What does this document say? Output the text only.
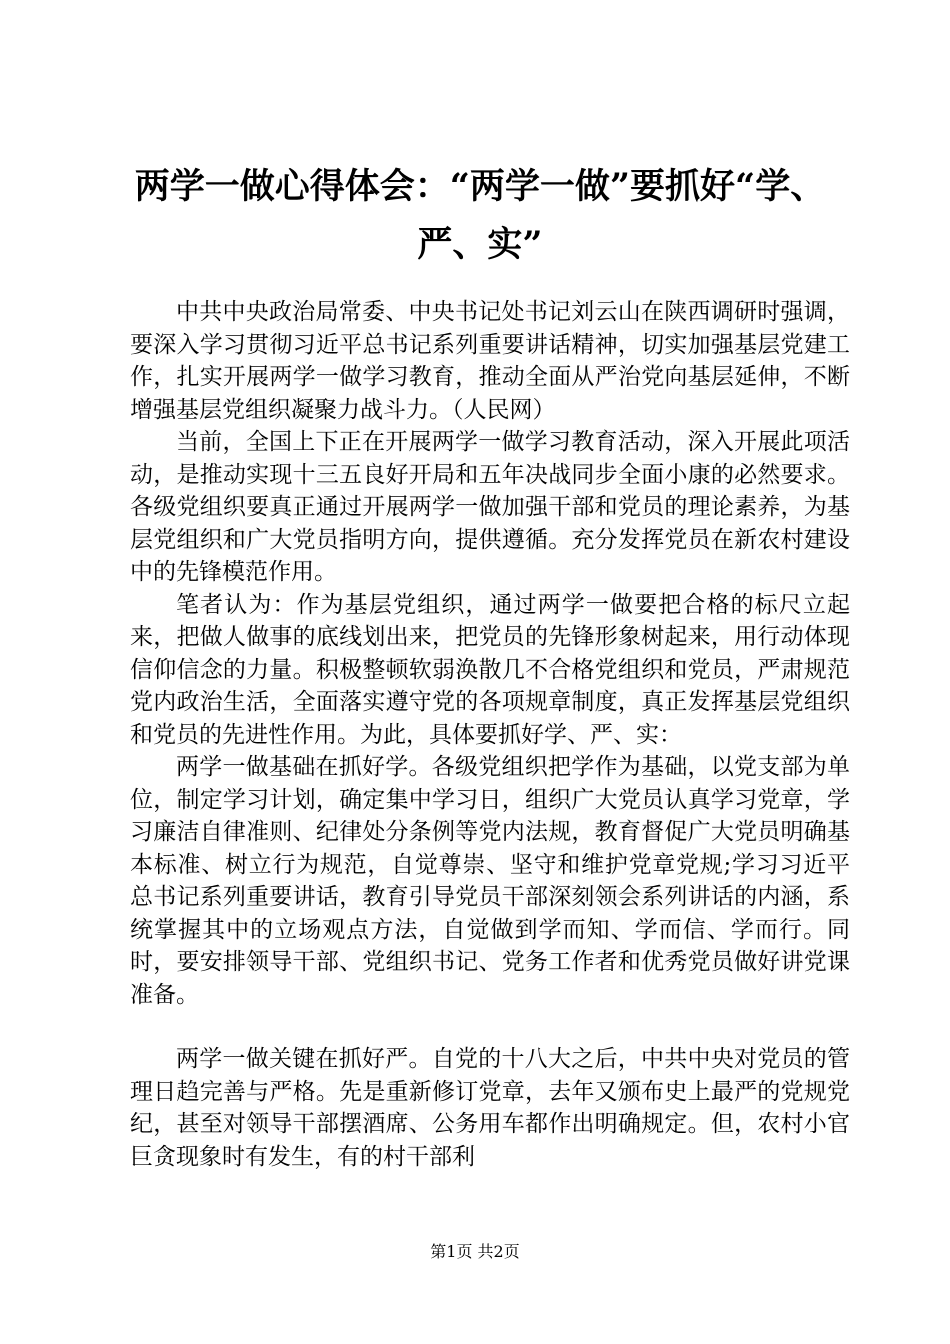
两学一做心得体会：“两学一做”要抓好“学、严、实”

中共中央政治局常委、中央书记处书记刘云山在陕西调研时强调，要深入学习贯彻习近平总书记系列重要讲话精神，切实加强基层党建工作，扎实开展两学一做学习教育，推动全面从严治党向基层延伸，不断增强基层党组织凝聚力战斗力。（人民网）

当前，全国上下正在开展两学一做学习教育活动，深入开展此项活动，是推动实现十三五良好开局和五年决战同步全面小康的必然要求。各级党组织要真正通过开展两学一做加强干部和党员的理论素养，为基层党组织和广大党员指明方向，提供遵循。充分发挥党员在新农村建设中的先锋模范作用。

笔者认为：作为基层党组织，通过两学一做要把合格的标尺立起来，把做人做事的底线划出来，把党员的先锋形象树起来，用行动体现信仰信念的力量。积极整顿软弱涣散几不合格党组织和党员，严肃规范党内政治生活，全面落实遵守党的各项规章制度，真正发挥基层党组织和党员的先进性作用。为此，具体要抓好学、严、实：

两学一做基础在抓好学。各级党组织把学作为基础，以党支部为单位，制定学习计划，确定集中学习日，组织广大党员认真学习党章，学习廉洁自律准则、纪律处分条例等党内法规，教育督促广大党员明确基本标准、树立行为规范，自觉尊崇、坚守和维护党章党规;学习习近平总书记系列重要讲话，教育引导党员干部深刻领会系列讲话的内涵，系统掌握其中的立场观点方法，自觉做到学而知、学而信、学而行。同时，要安排领导干部、党组织书记、党务工作者和优秀党员做好讲党课准备。

两学一做关键在抓好严。自党的十八大之后，中共中央对党员的管理日趋完善与严格。先是重新修订党章，去年又颁布史上最严的党规党纪，甚至对领导干部摆酒席、公务用车都作出明确规定。但，农村小官巨贪现象时有发生，有的村干部利

第1页 共2页
